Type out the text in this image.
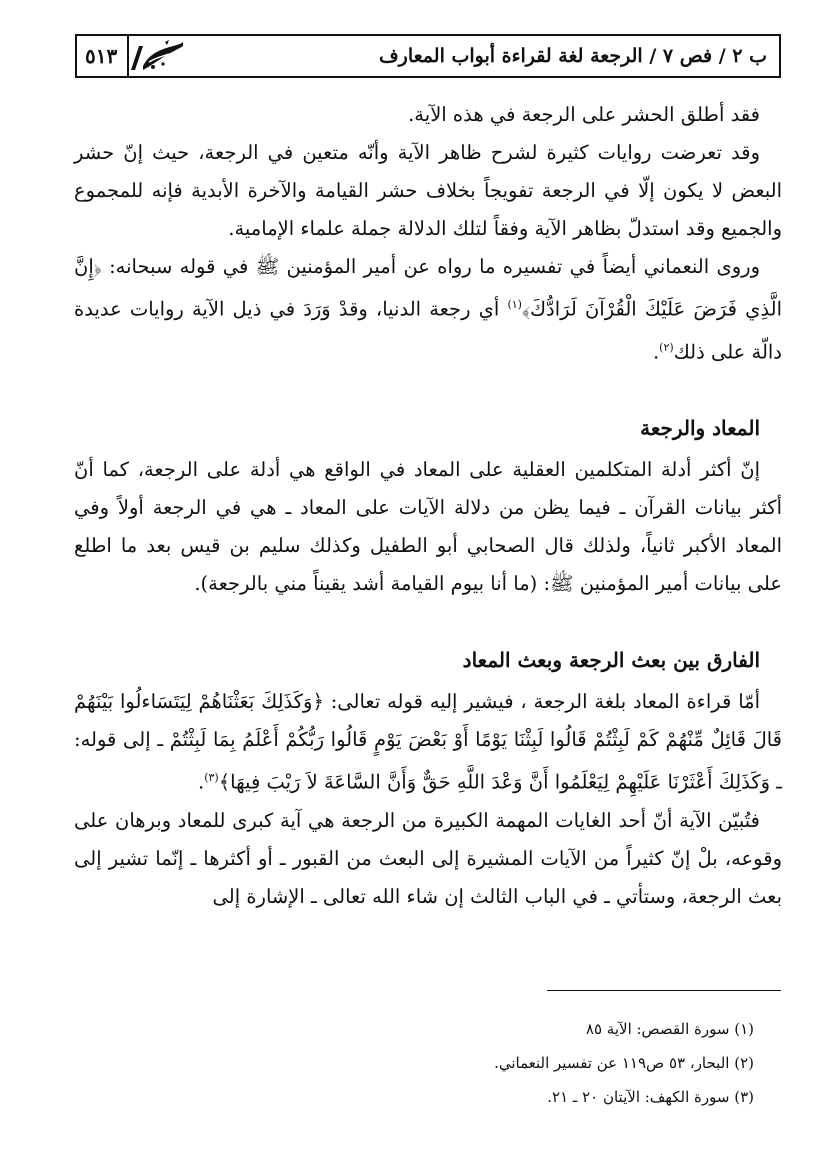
ب ٢ / فص ٧ / الرجعة لغة لقراءة أبواب المعارف
٥١٣

فقد أطلق الحشر على الرجعة في هذه الآية.

وقد تعرضت روايات كثيرة لشرح ظاهر الآية وأنّه متعين في الرجعة، حيث إنّ حشر البعض لا يكون إلّا في الرجعة تفويجاً بخلاف حشر القيامة والآخرة الأبدية فإنه للمجموع والجميع وقد استدلّ بظاهر الآية وفقاً لتلك الدلالة جملة علماء الإمامية.

وروى النعماني أيضاً في تفسيره ما رواه عن أمير المؤمنين ﷺ في قوله سبحانه: ﴿إِنَّ الَّذِي فَرَضَ عَلَيْكَ الْقُرْآنَ لَرَادُّكَ﴾$^{(١)}$ أي رجعة الدنيا، وقدْ وَرَدَ في ذيل الآية روايات عديدة دالّة على ذلك$^{(٢)}$.

المعاد والرجعة

إنّ أكثر أدلة المتكلمين العقلية على المعاد في الواقع هي أدلة على الرجعة، كما أنّ أكثر بيانات القرآن ـ فيما يظن من دلالة الآيات على المعاد ـ هي في الرجعة أولاً وفي المعاد الأكبر ثانياً، ولذلك قال الصحابي أبو الطفيل وكذلك سليم بن قيس بعد ما اطلع على بيانات أمير المؤمنين ﷺ: (ما أنا بيوم القيامة أشد يقيناً مني بالرجعة).

الفارق بين بعث الرجعة وبعث المعاد

أمّا قراءة المعاد بلغة الرجعة ، فيشير إليه قوله تعالى: ﴿وَكَذَلِكَ بَعَثْنَاهُمْ لِيَتَسَاءلُوا بَيْنَهُمْ قَالَ قَائِلٌ مِّنْهُمْ كَمْ لَبِثْتُمْ قَالُوا لَبِثْنَا يَوْمًا أَوْ بَعْضَ يَوْمٍ قَالُوا رَبُّكُمْ أَعْلَمُ بِمَا لَبِثْتُمْ ـ إلى قوله: ـ وَكَذَلِكَ أَعْثَرْنَا عَلَيْهِمْ لِيَعْلَمُوا أَنَّ وَعْدَ اللَّهِ حَقٌّ وَأَنَّ السَّاعَةَ لاَ رَيْبَ فِيهَا﴾$^{(٣)}$.

فتُبيّن الآية أنّ أحد الغايات المهمة الكبيرة من الرجعة هي آية كبرى للمعاد وبرهان على وقوعه، بلْ إنّ كثيراً من الآيات المشيرة إلى البعث من القبور ـ أو أكثرها ـ إنّما تشير إلى بعث الرجعة، وستأتي ـ في الباب الثالث إن شاء الله تعالى ـ الإشارة إلى

(١) سورة القصص: الآية ٨٥

(٢) البحار، ٥٣ ص١١٩ عن تفسير النعماني.

(٣) سورة الكهف: الآيتان ٢٠ ـ ٢١.
